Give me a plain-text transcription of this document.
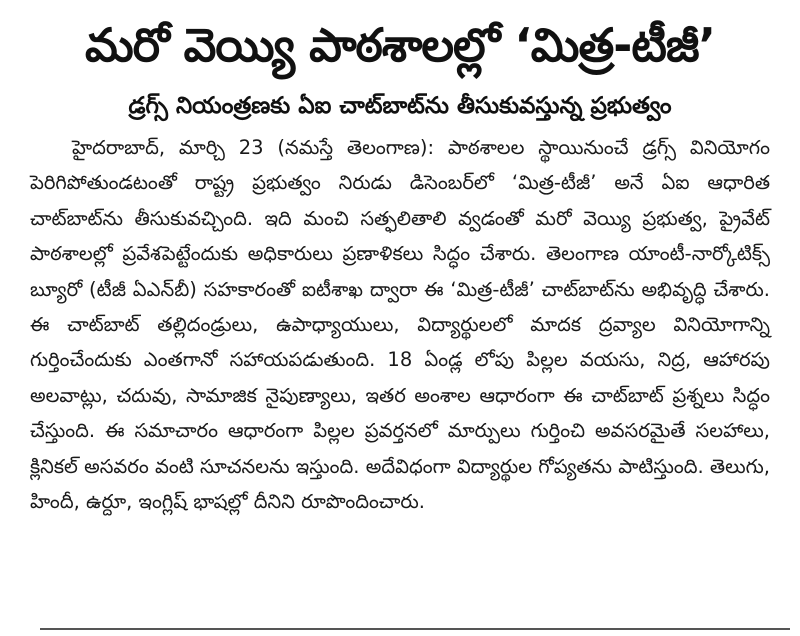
మరో వెయ్యి పాఠశాలల్లో ‘మిత్ర-టీజీ’
డ్రగ్స్ నియంత్రణకు ఏఐ చాట్‌బాట్‌ను తీసుకువస్తున్న ప్రభుత్వం

హైదరాబాద్, మార్చి 23 (నమస్తే తెలంగాణ): పాఠశాలల స్థాయినుంచే డ్రగ్స్ వినియోగం పెరిగిపోతుండటంతో రాష్ట్ర ప్రభుత్వం నిరుడు డిసెంబర్‌లో ‘మిత్ర-టీజీ’ అనే ఏఐ ఆధారిత చాట్‌బాట్‌ను తీసుకువచ్చింది. ఇది మంచి సత్ఫలితాలి వ్వడంతో మరో వెయ్యి ప్రభుత్వ, ప్రైవేట్ పాఠశాలల్లో ప్రవేశపెట్టేందుకు అధికారులు ప్రణాళికలు సిద్ధం చేశారు. తెలంగాణ యాంటీ-నార్కోటిక్స్ బ్యూరో (టీజీ ఏఎన్‌బీ) సహకారంతో ఐటీశాఖ ద్వారా ఈ ‘మిత్ర-టీజీ’ చాట్‌బాట్‌ను అభివృద్ధి చేశారు. ఈ చాట్‌బాట్ తల్లిదండ్రులు, ఉపాధ్యాయులు, విద్యార్థులలో మాదక ద్రవ్యాల వినియోగాన్ని గుర్తించేందుకు ఎంతగానో సహాయపడుతుంది. 18 ఏండ్ల లోపు పిల్లల వయసు, నిద్ర, ఆహారపు అలవాట్లు, చదువు, సామాజిక నైపుణ్యాలు, ఇతర అంశాల ఆధారంగా ఈ చాట్‌బాట్ ప్రశ్నలు సిద్ధం చేస్తుంది. ఈ సమాచారం ఆధారంగా పిల్లల ప్రవర్తనలో మార్పులు గుర్తించి అవసరమైతే సలహాలు, క్లినికల్ అసవరం వంటి సూచనలను ఇస్తుంది. అదేవిధంగా విద్యార్థుల గోప్యతను పాటిస్తుంది. తెలుగు, హిందీ, ఉర్దూ, ఇంగ్లిష్ భాషల్లో దీనిని రూపొందించారు.
